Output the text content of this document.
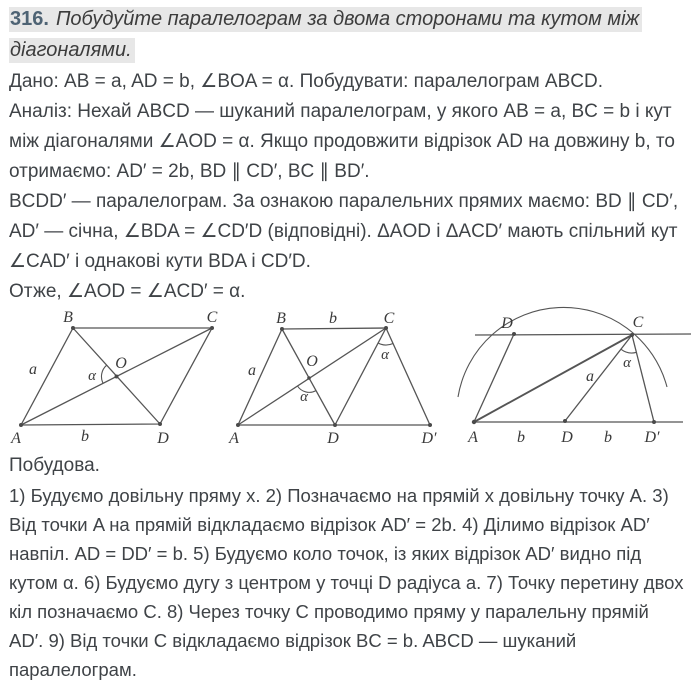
316. Побудуйте паралелограм за двома сторонами та кутом між діагоналями.

Дано: AB = a, AD = b, ∠BOA = α. Побудувати: паралелограм ABCD.

Аналіз: Нехай ABCD — шуканий паралелограм, у якого AB = a, BC = b і кут між діагоналями ∠AOD = α. Якщо продовжити відрізок AD на довжину b, то отримаємо: AD′ = 2b, BD ∥ CD′, BC ∥ BD′.

BCDD′ — паралелограм. За ознакою паралельних прямих маємо: BD ∥ CD′, AD′ — січна, ∠BDA = ∠CD′D (відповідні). ΔAOD і ΔACD′ мають спільний кут ∠CAD′ і однакові кути BDA і CD′D.

Отже, ∠AOD = ∠ACD′ = α.

B	C
A	D
O
a
b
α
B	b	C
A	D	D′
a
O
α
α
D	C
A	D	D′
a
b	b
α

Побудова.

1) Будуємо довільну пряму x. 2) Позначаємо на прямій x довільну точку A. 3) Від точки A на прямій відкладаємо відрізок AD′ = 2b. 4) Ділимо відрізок AD′ навпіл. AD = DD′ = b. 5) Будуємо коло точок, із яких відрізок AD′ видно під кутом α. 6) Будуємо дугу з центром у точці D радіуса a. 7) Точку перетину двох кіл позначаємо C. 8) Через точку C проводимо пряму у паралельну прямій AD′. 9) Від точки C відкладаємо відрізок BC = b. ABCD — шуканий паралелограм.
